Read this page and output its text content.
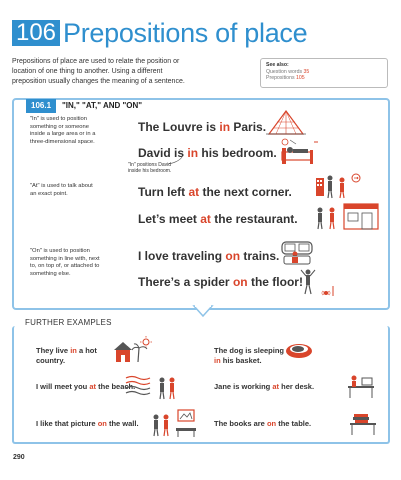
106 Prepositions of place
Prepositions of place are used to relate the position or
location of one thing to another. Using a different
preposition usually changes the meaning of a sentence.
See also:
Question words 35
Prepositions 105
106.1	"IN," "AT," AND "ON"
"In" is used to position
something or someone
inside a large area or in a
three-dimensional space.
"At" is used to talk about
an exact point.
"On" is used to position
something in line with, next
to, on top of, or attached to
something else.
The Louvre is in Paris.
David is in his bedroom.
"In" positions David
inside his bedroom.
Turn left at the next corner.
Let’s meet at the restaurant.
I love traveling on trains.
There’s a spider on the floor!
FURTHER EXAMPLES
They live in a hot
country.
The dog is sleeping
in his basket.
I will meet you at the beach.	Jane is working at her desk.
I like that picture on the wall.	The books are on the table.
290
